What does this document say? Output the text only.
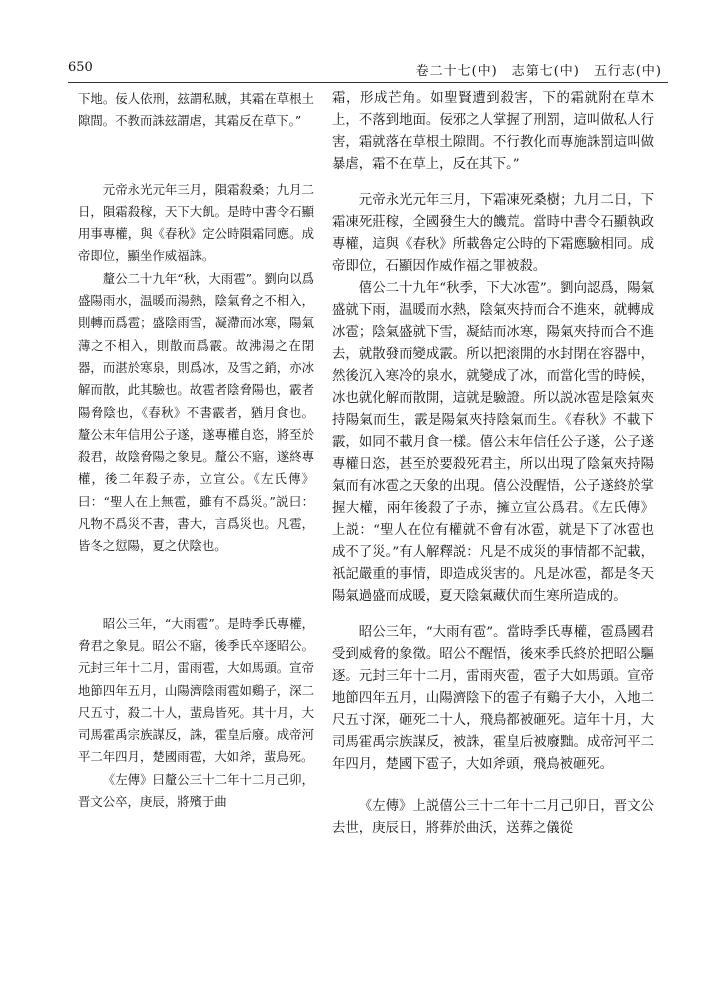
650	卷二十七(中)　志第七(中)　五行志(中)

下地。佞人依刑，玆謂私賊，其霜在草根土隙間。不教而誅玆謂虐，其霜反在草下。”

元帝永光元年三月，隕霜殺桑；九月二日，隕霜殺稼，天下大飢。是時中書令石顯用事專權，與《春秋》定公時隕霜同應。成帝即位，顯坐作威福誅。

釐公二十九年“秋，大雨雹”。劉向以爲盛陽雨水，温暖而湯熱，陰氣脅之不相入，則轉而爲雹；盛陰雨雪，凝滯而冰寒，陽氣薄之不相入，則散而爲霰。故沸湯之在閉器，而湛於寒泉，則爲冰，及雪之銷，亦冰解而散，此其驗也。故雹者陰脅陽也，霰者陽脅陰也，《春秋》不書霰者，猶月食也。釐公末年信用公子遂，遂專權自恣，將至於殺君，故陰脅陽之象見。釐公不寤，遂終專權，後二年殺子赤，立宣公。《左氏傳》曰：“聖人在上無雹，雖有不爲災。”説曰：凡物不爲災不書，書大，言爲災也。凡雹，皆冬之愆陽，夏之伏陰也。

昭公三年，“大雨雹”。是時季氏專權，脅君之象見。昭公不寤，後季氏卒逐昭公。元封三年十二月，雷雨雹，大如馬頭。宣帝地節四年五月，山陽濟陰雨雹如鷄子，深二尺五寸，殺二十人，蜚鳥皆死。其十月，大司馬霍禹宗族謀反，誅，霍皇后廢。成帝河平二年四月，楚國雨雹，大如斧，蜚鳥死。

《左傳》曰釐公三十二年十二月己卯，晋文公卒，庚辰，將殯于曲

霜，形成芒角。如聖賢遭到殺害，下的霜就附在草木上，不落到地面。佞邪之人掌握了刑罰，這叫做私人行害，霜就落在草根土隙間。不行教化而專施誅罰這叫做暴虐，霜不在草上，反在其下。”

元帝永光元年三月，下霜凍死桑樹；九月二日，下霜凍死莊稼，全國發生大的饑荒。當時中書令石顯執政專權，這與《春秋》所載魯定公時的下霜應驗相同。成帝即位，石顯因作威作福之罪被殺。

僖公二十九年“秋季，下大冰雹”。劉向認爲，陽氣盛就下雨，温暖而水熱，陰氣夾持而合不進來，就轉成冰雹；陰氣盛就下雪，凝結而冰寒，陽氣夾持而合不進去，就散發而變成霰。所以把滚開的水封閉在容器中，然後沉入寒冷的泉水，就變成了冰，而當化雪的時候，冰也就化解而散開，這就是驗證。所以説冰雹是陰氣夾持陽氣而生，霰是陽氣夾持陰氣而生。《春秋》不載下霰，如同不載月食一樣。僖公末年信任公子遂，公子遂專權日恣，甚至於要殺死君主，所以出現了陰氣夾持陽氣而有冰雹之天象的出現。僖公没醒悟，公子遂終於掌握大權，兩年後殺了子赤，擁立宣公爲君。《左氏傳》上説：“聖人在位有權就不會有冰雹，就是下了冰雹也成不了災。”有人解釋説：凡是不成災的事情都不記載，祇記嚴重的事情，即造成災害的。凡是冰雹，都是冬天陽氣過盛而成暖，夏天陰氣藏伏而生寒所造成的。

昭公三年，“大雨有雹”。當時季氏專權，雹爲國君受到威脅的象徵。昭公不醒悟，後來季氏終於把昭公驅逐。元封三年十二月，雷雨夾雹，雹子大如馬頭。宣帝地節四年五月，山陽濟陰下的雹子有鷄子大小，入地二尺五寸深，砸死二十人，飛鳥都被砸死。這年十月，大司馬霍禹宗族謀反，被誅，霍皇后被廢黜。成帝河平二年四月，楚國下雹子，大如斧頭，飛鳥被砸死。

《左傳》上説僖公三十二年十二月己卯日，晋文公去世，庚辰日，將葬於曲沃，送葬之儀從
